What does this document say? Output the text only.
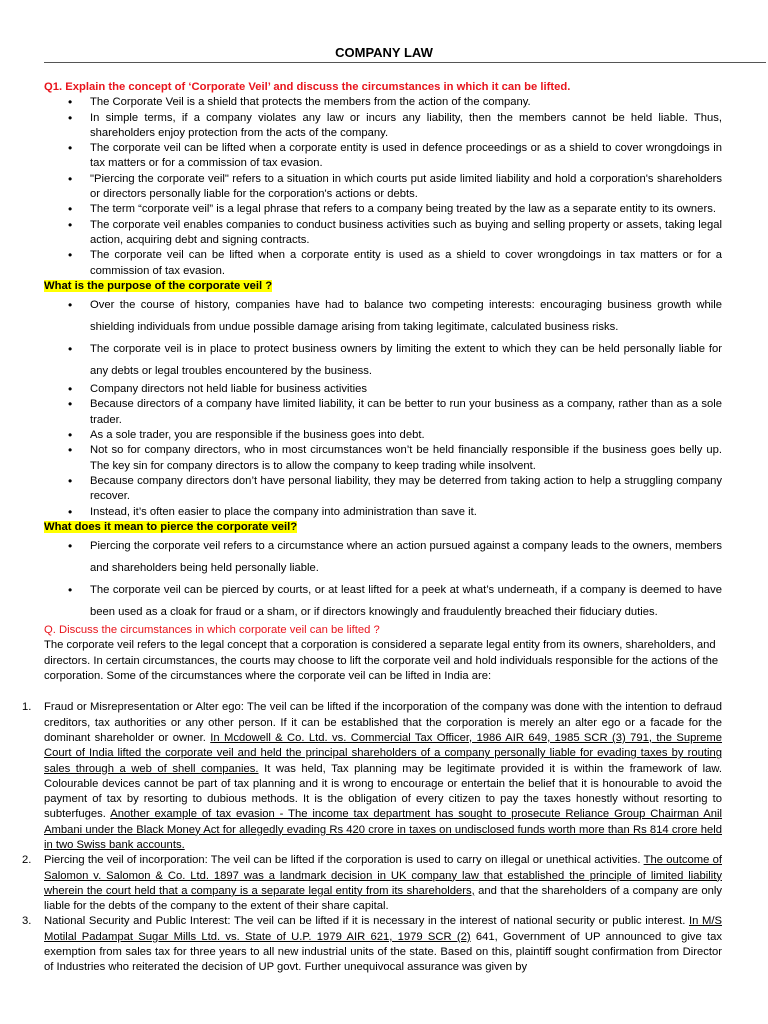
COMPANY LAW

Q1. Explain the concept of ‘Corporate Veil’ and discuss the circumstances in which it can be lifted.

• The Corporate Veil is a shield that protects the members from the action of the company.
• In simple terms, if a company violates any law or incurs any liability, then the members cannot be held liable. Thus, shareholders enjoy protection from the acts of the company.
• The corporate veil can be lifted when a corporate entity is used in defence proceedings or as a shield to cover wrongdoings in tax matters or for a commission of tax evasion.
• "Piercing the corporate veil" refers to a situation in which courts put aside limited liability and hold a corporation's shareholders or directors personally liable for the corporation's actions or debts.
• The term “corporate veil” is a legal phrase that refers to a company being treated by the law as a separate entity to its owners.
• The corporate veil enables companies to conduct business activities such as buying and selling property or assets, taking legal action, acquiring debt and signing contracts.
• The corporate veil can be lifted when a corporate entity is used as a shield to cover wrongdoings in tax matters or for a commission of tax evasion.

What is the purpose of the corporate veil ?

• Over the course of history, companies have had to balance two competing interests: encouraging business growth while shielding individuals from undue possible damage arising from taking legitimate, calculated business risks.
• The corporate veil is in place to protect business owners by limiting the extent to which they can be held personally liable for any debts or legal troubles encountered by the business.
• Company directors not held liable for business activities
• Because directors of a company have limited liability, it can be better to run your business as a company, rather than as a sole trader.
• As a sole trader, you are responsible if the business goes into debt.
• Not so for company directors, who in most circumstances won’t be held financially responsible if the business goes belly up. The key sin for company directors is to allow the company to keep trading while insolvent.
• Because company directors don’t have personal liability, they may be deterred from taking action to help a struggling company recover.
• Instead, it’s often easier to place the company into administration than save it.

What does it mean to pierce the corporate veil?

• Piercing the corporate veil refers to a circumstance where an action pursued against a company leads to the owners, members and shareholders being held personally liable.
• The corporate veil can be pierced by courts, or at least lifted for a peek at what’s underneath, if a company is deemed to have been used as a cloak for fraud or a sham, or if directors knowingly and fraudulently breached their fiduciary duties.

Q. Discuss the circumstances in which corporate veil can be lifted ?

The corporate veil refers to the legal concept that a corporation is considered a separate legal entity from its owners, shareholders, and directors. In certain circumstances, the courts may choose to lift the corporate veil and hold individuals responsible for the actions of the corporation. Some of the circumstances where the corporate veil can be lifted in India are:

1. Fraud or Misrepresentation or Alter ego: The veil can be lifted if the incorporation of the company was done with the intention to defraud creditors, tax authorities or any other person. If it can be established that the corporation is merely an alter ego or a facade for the dominant shareholder or owner. In Mcdowell & Co. Ltd. vs. Commercial Tax Officer, 1986 AIR 649, 1985 SCR (3) 791, the Supreme Court of India lifted the corporate veil and held the principal shareholders of a company personally liable for evading taxes by routing sales through a web of shell companies. It was held, Tax planning may be legitimate provided it is within the framework of law. Colourable devices cannot be part of tax planning and it is wrong to encourage or entertain the belief that it is honourable to avoid the payment of tax by resorting to dubious methods. It is the obligation of every citizen to pay the taxes honestly without resorting to subterfuges. Another example of tax evasion - The income tax department has sought to prosecute Reliance Group Chairman Anil Ambani under the Black Money Act for allegedly evading Rs 420 crore in taxes on undisclosed funds worth more than Rs 814 crore held in two Swiss bank accounts.
2. Piercing the veil of incorporation: The veil can be lifted if the corporation is used to carry on illegal or unethical activities. The outcome of Salomon v. Salomon & Co. Ltd. 1897 was a landmark decision in UK company law that established the principle of limited liability wherein the court held that a company is a separate legal entity from its shareholders, and that the shareholders of a company are only liable for the debts of the company to the extent of their share capital.
3. National Security and Public Interest: The veil can be lifted if it is necessary in the interest of national security or public interest. In M/S Motilal Padampat Sugar Mills Ltd. vs. State of U.P. 1979 AIR 621, 1979 SCR (2) 641, Government of UP announced to give tax exemption from sales tax for three years to all new industrial units of the state. Based on this, plaintiff sought confirmation from Director of Industries who reiterated the decision of UP govt. Further unequivocal assurance was given by
